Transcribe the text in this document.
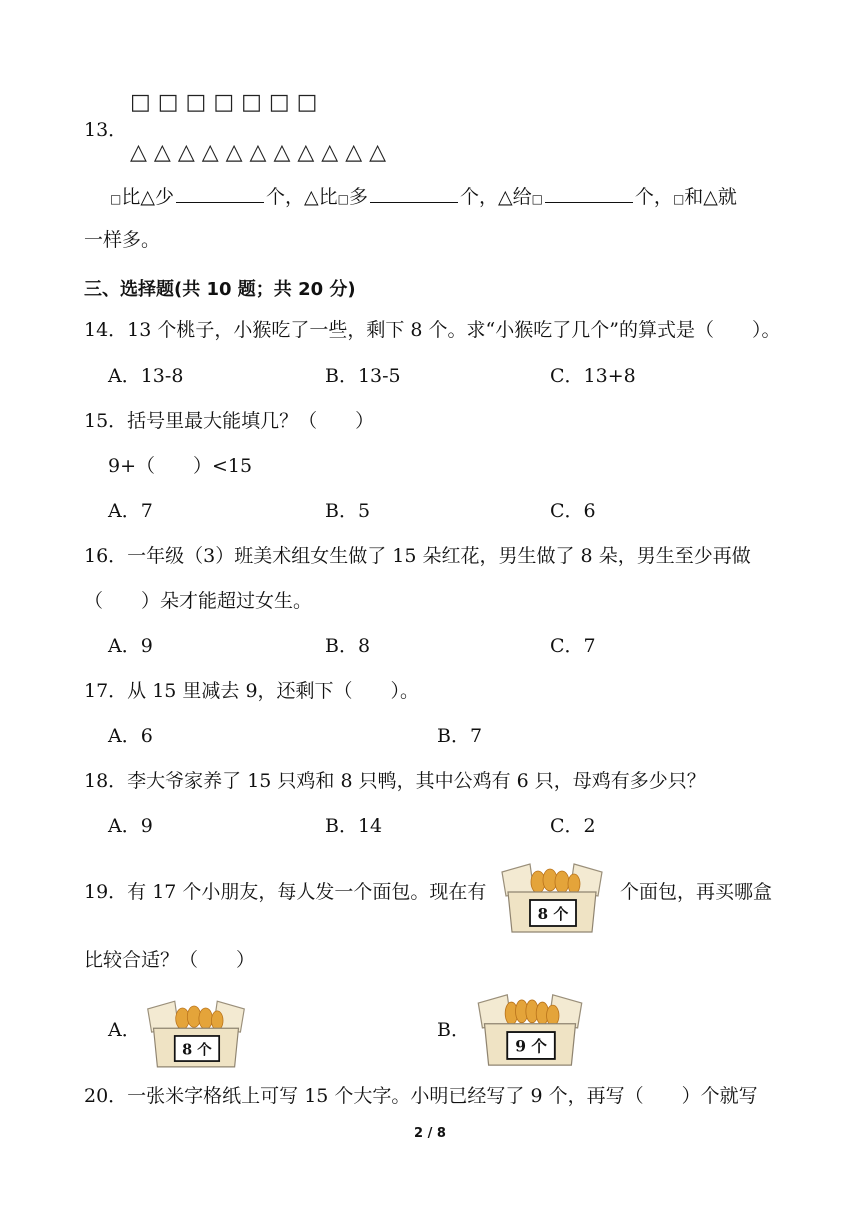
□ □ □ □ □ □ □
13．
△ △ △ △ △ △ △ △ △ △ △
□比△少	个，△比□多	个，△给□	个，□和△就
一样多。
三、选择题(共 10 题；共 20 分)
14．13 个桃子，小猴吃了一些，剩下 8 个。求“小猴吃了几个”的算式是（　　）。
A．13-8	B．13-5	C．13+8
15．括号里最大能填几？（　　）
9+（　　）<15
A．7	B．5	C．6
16．一年级（3）班美术组女生做了 15 朵红花，男生做了 8 朵，男生至少再做
（　　）朵才能超过女生。
A．9	B．8	C．7
17．从 15 里减去 9，还剩下（　　）。
A．6	B．7
18．李大爷家养了 15 只鸡和 8 只鸭，其中公鸡有 6 只，母鸡有多少只？
A．9	B．14	C．2
19．有 17 个小朋友，每人发一个面包。现在有	个面包，再买哪盒
8 个
比较合适？（　　）
A．
8 个
B．
9 个
20．一张米字格纸上可写 15 个大字。小明已经写了 9 个，再写（　　）个就写
2 / 8
